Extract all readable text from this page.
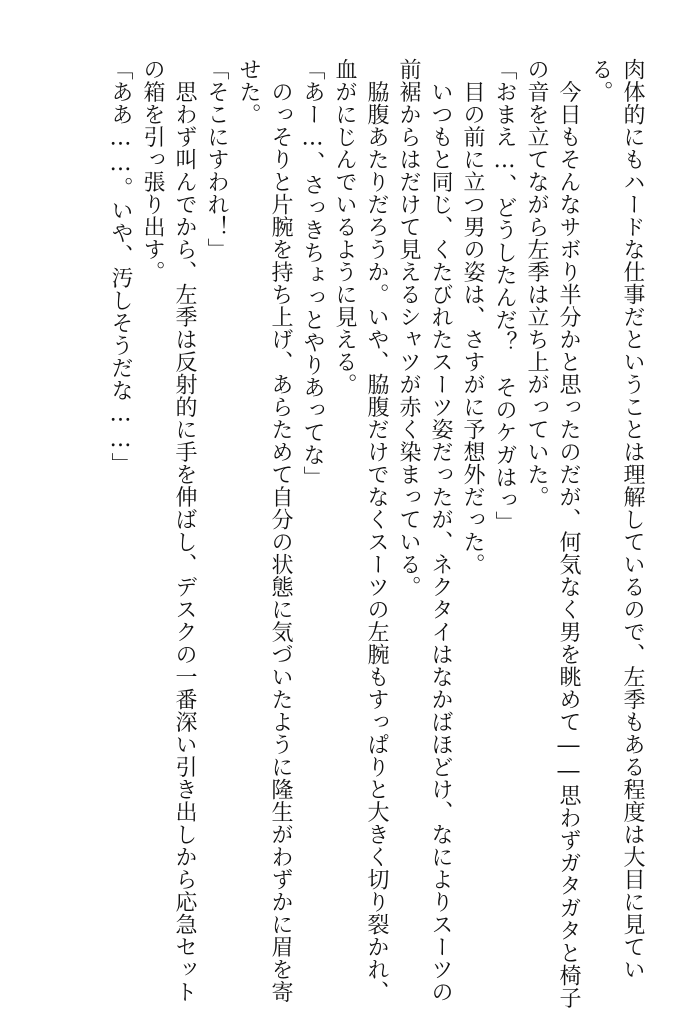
肉体的にもハードな仕事だということは理解しているので、左季もある程度は大目に見てい

る。

　今日もそんなサボり半分かと思ったのだが、何気なく男を眺めて――思わずガタガタと椅子

の音を立てながら左季は立ち上がっていた。

「おまえ…、どうしたんだ？　そのケガはっ」

　目の前に立つ男の姿は、さすがに予想外だった。

　いつもと同じ、くたびれたスーツ姿だったが、ネクタイはなかばほどけ、なによりスーツの

前裾からはだけて見えるシャツが赤く染まっている。

　脇腹あたりだろうか。いや、脇腹だけでなくスーツの左腕もすっぱりと大きく切り裂かれ、

血がにじんでいるように見える。

「あー…、さっきちょっとやりあってな」

　のっそりと片腕を持ち上げ、あらためて自分の状態に気づいたように隆生がわずかに眉を寄

せた。

「そこにすわれ！」

　思わず叫んでから、左季は反射的に手を伸ばし、デスクの一番深い引き出しから応急セット

の箱を引っ張り出す。

「ああ……。いや、汚しそうだな……」
